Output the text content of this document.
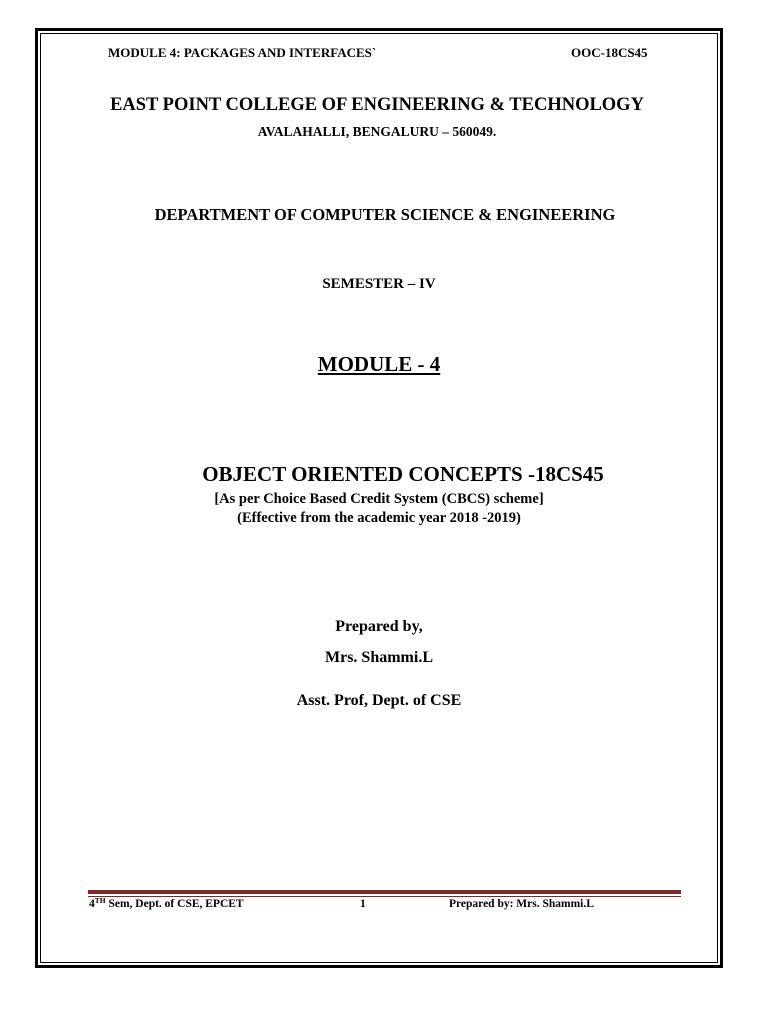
MODULE 4: PACKAGES AND INTERFACES`	OOC-18CS45
EAST POINT COLLEGE OF ENGINEERING & TECHNOLOGY
AVALAHALLI, BENGALURU – 560049.
DEPARTMENT OF COMPUTER SCIENCE & ENGINEERING
SEMESTER – IV
MODULE - 4
OBJECT ORIENTED CONCEPTS -18CS45
[As per Choice Based Credit System (CBCS) scheme]
(Effective from the academic year 2018 -2019)
Prepared by,
Mrs. Shammi.L
Asst. Prof, Dept. of CSE
4TH Sem, Dept. of CSE, EPCET	1	Prepared by: Mrs. Shammi.L
